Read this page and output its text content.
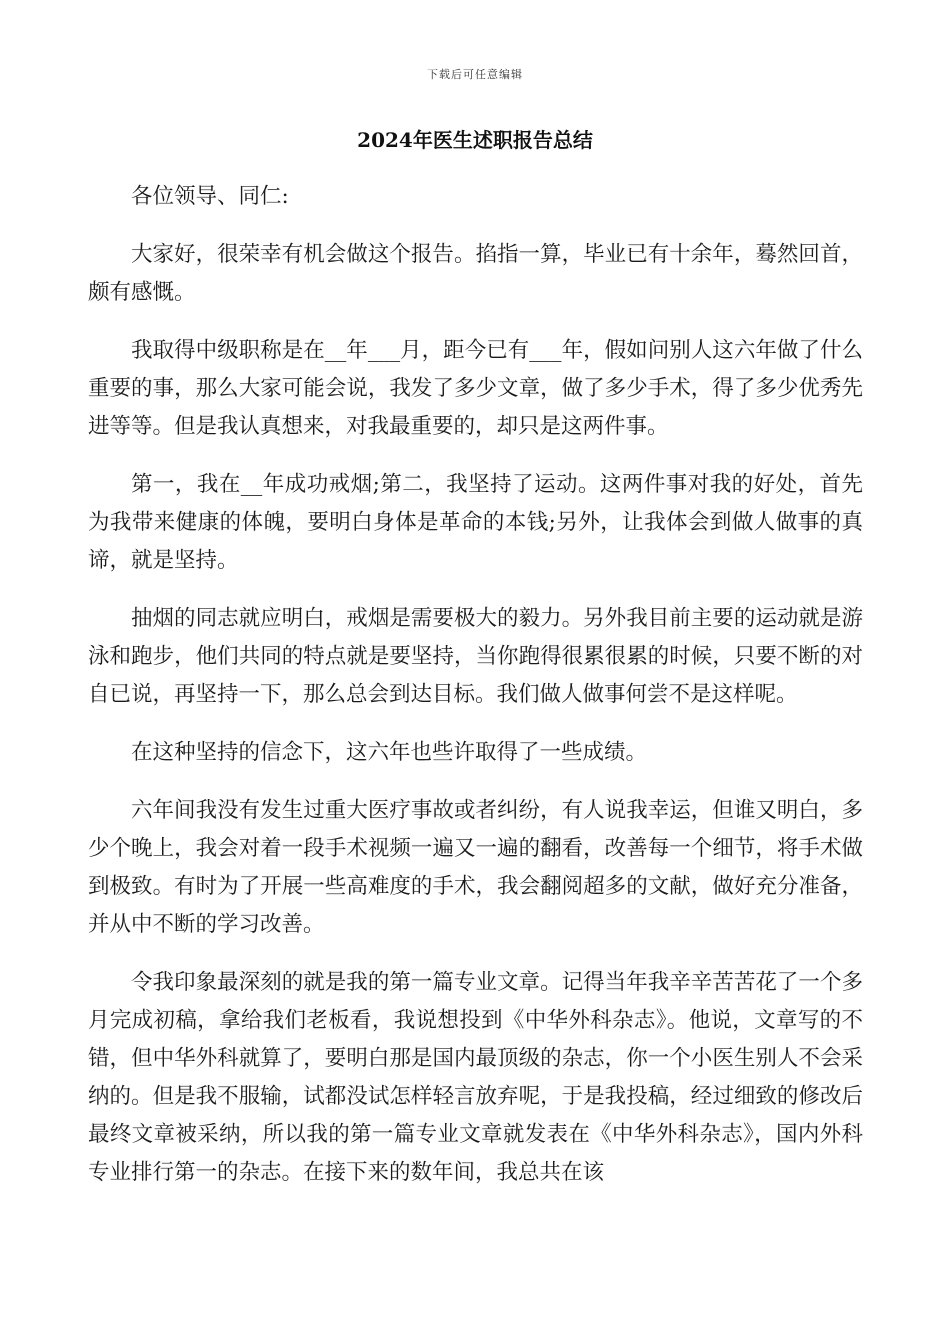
下载后可任意编辑
2024年医生述职报告总结

各位领导、同仁:

大家好，很荣幸有机会做这个报告。掐指一算，毕业已有十余年，蓦然回首，颇有感慨。

我取得中级职称是在__年___月，距今已有___年，假如问别人这六年做了什么重要的事，那么大家可能会说，我发了多少文章，做了多少手术，得了多少优秀先进等等。但是我认真想来，对我最重要的，却只是这两件事。

第一，我在__年成功戒烟;第二，我坚持了运动。这两件事对我的好处，首先为我带来健康的体魄，要明白身体是革命的本钱;另外，让我体会到做人做事的真谛，就是坚持。

抽烟的同志就应明白，戒烟是需要极大的毅力。另外我目前主要的运动就是游泳和跑步，他们共同的特点就是要坚持，当你跑得很累很累的时候，只要不断的对自已说，再坚持一下，那么总会到达目标。我们做人做事何尝不是这样呢。

在这种坚持的信念下，这六年也些许取得了一些成绩。

六年间我没有发生过重大医疗事故或者纠纷，有人说我幸运，但谁又明白，多少个晚上，我会对着一段手术视频一遍又一遍的翻看，改善每一个细节，将手术做到极致。有时为了开展一些高难度的手术，我会翻阅超多的文献，做好充分准备，并从中不断的学习改善。

令我印象最深刻的就是我的第一篇专业文章。记得当年我辛辛苦苦花了一个多月完成初稿，拿给我们老板看，我说想投到《中华外科杂志》。他说，文章写的不错，但中华外科就算了，要明白那是国内最顶级的杂志，你一个小医生别人不会采纳的。但是我不服输，试都没试怎样轻言放弃呢，于是我投稿，经过细致的修改后最终文章被采纳，所以我的第一篇专业文章就发表在《中华外科杂志》，国内外科专业排行第一的杂志。在接下来的数年间，我总共在该
